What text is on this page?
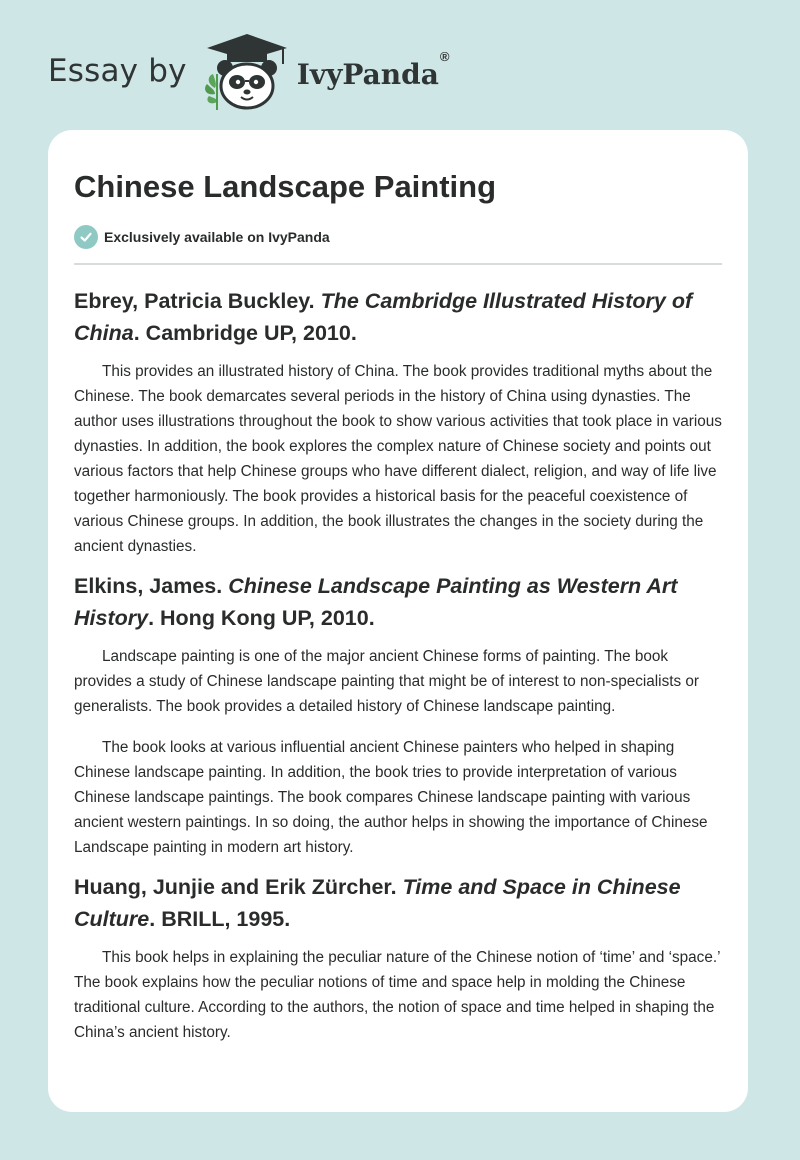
Essay by	IvyPanda®
Chinese Landscape Painting
Exclusively available on IvyPanda
Ebrey, Patricia Buckley. The Cambridge Illustrated History of China. Cambridge UP, 2010.

This provides an illustrated history of China. The book provides traditional myths about the Chinese. The book demarcates several periods in the history of China using dynasties. The author uses illustrations throughout the book to show various activities that took place in various dynasties. In addition, the book explores the complex nature of Chinese society and points out various factors that help Chinese groups who have different dialect, religion, and way of life live together harmoniously. The book provides a historical basis for the peaceful coexistence of various Chinese groups. In addition, the book illustrates the changes in the society during the ancient dynasties.

Elkins, James. Chinese Landscape Painting as Western Art History. Hong Kong UP, 2010.

Landscape painting is one of the major ancient Chinese forms of painting. The book provides a study of Chinese landscape painting that might be of interest to non-specialists or generalists. The book provides a detailed history of Chinese landscape painting.

The book looks at various influential ancient Chinese painters who helped in shaping Chinese landscape painting. In addition, the book tries to provide interpretation of various Chinese landscape paintings. The book compares Chinese landscape painting with various ancient western paintings. In so doing, the author helps in showing the importance of Chinese Landscape painting in modern art history.

Huang, Junjie and Erik Zürcher. Time and Space in Chinese Culture. BRILL, 1995.

This book helps in explaining the peculiar nature of the Chinese notion of ‘time’ and ‘space.’ The book explains how the peculiar notions of time and space help in molding the Chinese traditional culture. According to the authors, the notion of space and time helped in shaping the China’s ancient history.
